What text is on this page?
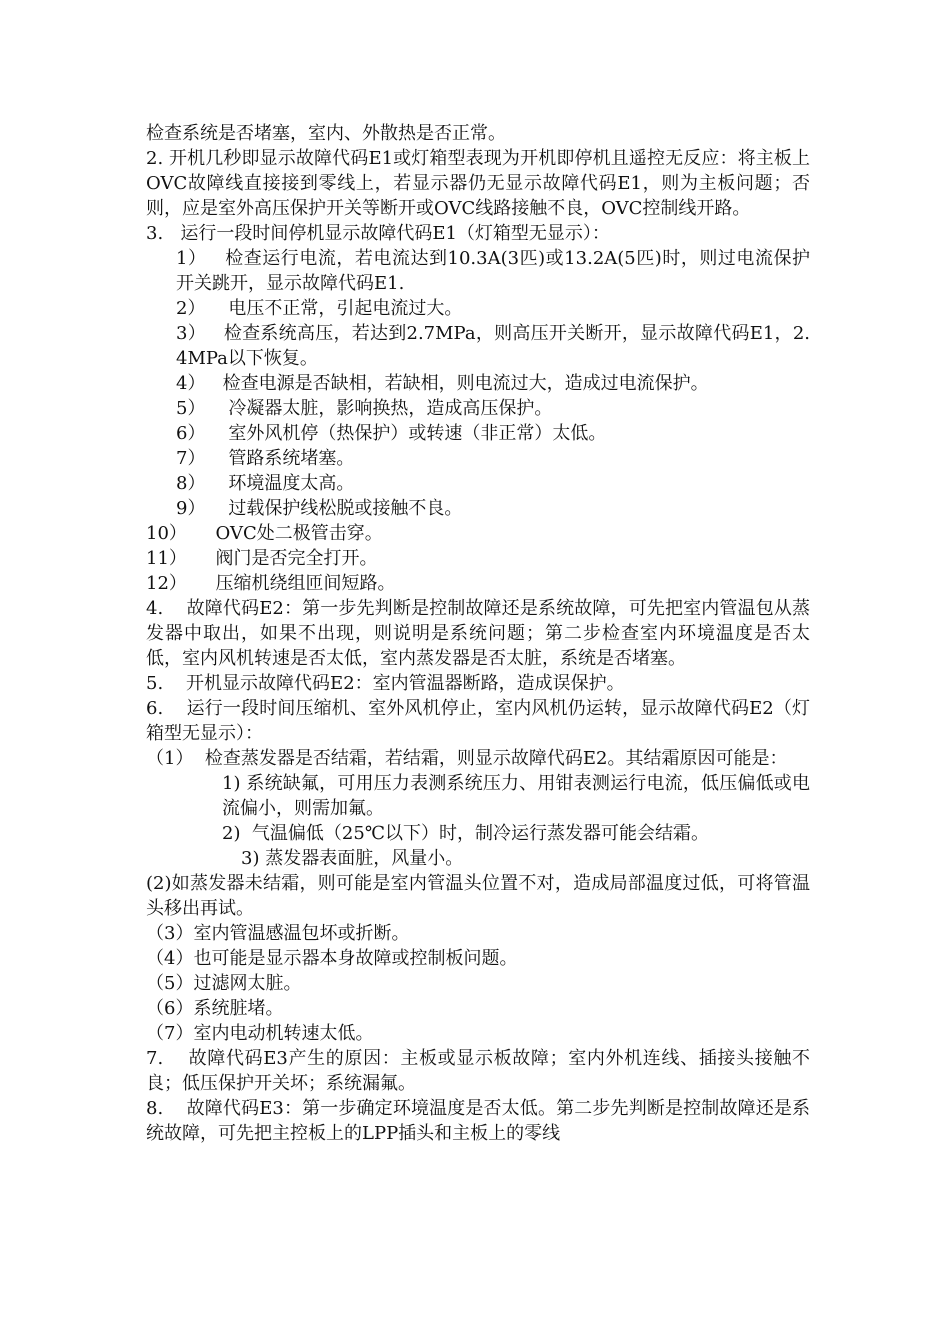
检查系统是否堵塞，室内、外散热是否正常。

2. 开机几秒即显示故障代码E1或灯箱型表现为开机即停机且遥控无反应：将主板上OVC故障线直接接到零线上，若显示器仍无显示故障代码E1，则为主板问题；否则，应是室外高压保护开关等断开或OVC线路接触不良，OVC控制线开路。

3.   运行一段时间停机显示故障代码E1（灯箱型无显示）：

1）   检查运行电流，若电流达到10.3A(3匹)或13.2A(5匹)时，则过电流保护开关跳开，显示故障代码E1.

2）    电压不正常，引起电流过大。

3）   检查系统高压，若达到2.7MPa，则高压开关断开，显示故障代码E1，2.4MPa以下恢复。

4）   检查电源是否缺相，若缺相，则电流过大，造成过电流保护。

5）    冷凝器太脏，影响换热，造成高压保护。

6）    室外风机停（热保护）或转速（非正常）太低。

7）    管路系统堵塞。

8）    环境温度太高。

9）    过载保护线松脱或接触不良。

10）     OVC处二极管击穿。

11）     阀门是否完全打开。

12）     压缩机绕组匝间短路。

4.    故障代码E2：第一步先判断是控制故障还是系统故障，可先把室内管温包从蒸发器中取出，如果不出现，则说明是系统问题；第二步检查室内环境温度是否太低，室内风机转速是否太低，室内蒸发器是否太脏，系统是否堵塞。

5.    开机显示故障代码E2：室内管温器断路，造成误保护。

6.    运行一段时间压缩机、室外风机停止，室内风机仍运转，显示故障代码E2（灯箱型无显示）：

（1）  检查蒸发器是否结霜，若结霜，则显示故障代码E2。其结霜原因可能是：

1) 系统缺氟，可用压力表测系统压力、用钳表测运行电流，低压偏低或电流偏小，则需加氟。

2)  气温偏低（25℃以下）时，制冷运行蒸发器可能会结霜。

3) 蒸发器表面脏，风量小。

(2)如蒸发器未结霜，则可能是室内管温头位置不对，造成局部温度过低，可将管温头移出再试。

（3）室内管温感温包坏或折断。

（4）也可能是显示器本身故障或控制板问题。

（5）过滤网太脏。

（6）系统脏堵。

（7）室内电动机转速太低。

7.    故障代码E3产生的原因：主板或显示板故障；室内外机连线、插接头接触不良；低压保护开关坏；系统漏氟。

8.    故障代码E3：第一步确定环境温度是否太低。第二步先判断是控制故障还是系统故障，可先把主控板上的LPP插头和主板上的零线
